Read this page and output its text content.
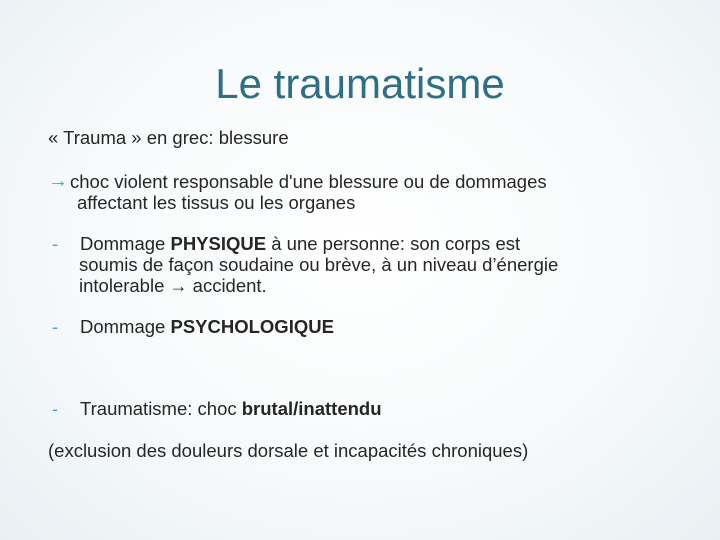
Le traumatisme
« Trauma » en grec: blessure
→ choc violent responsable d'une blessure ou de dommages
affectant les tissus ou les organes
- Dommage PHYSIQUE à une personne: son corps est
soumis de façon soudaine ou brève, à un niveau d’énergie
intolerable → accident.
- Dommage PSYCHOLOGIQUE
- Traumatisme: choc brutal/inattendu
(exclusion des douleurs dorsale et incapacités chroniques)
